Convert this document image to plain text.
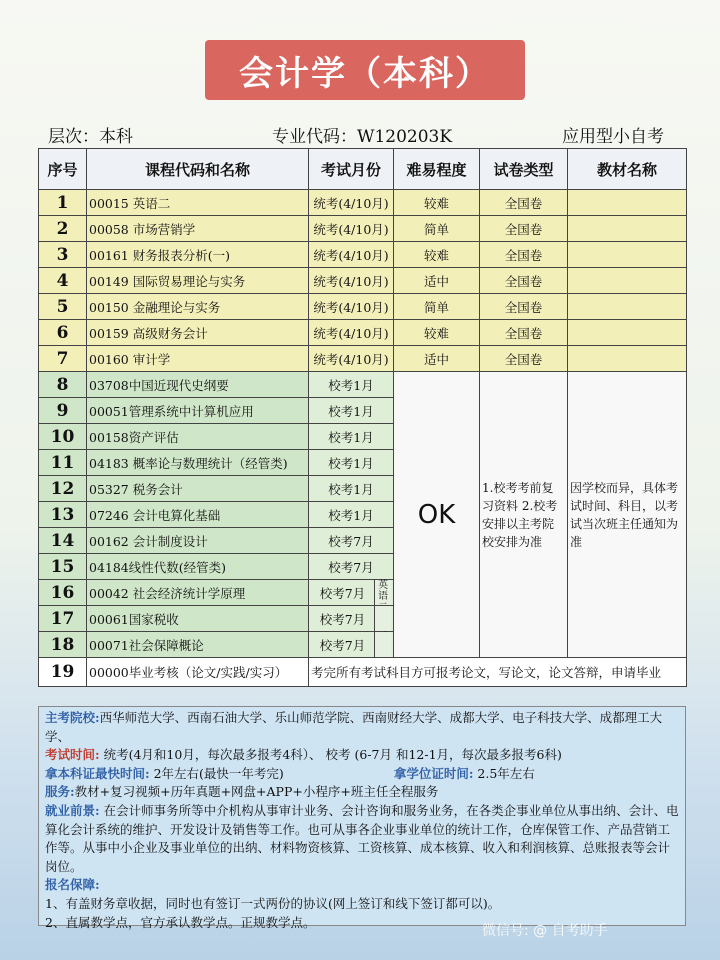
会计学（本科）
层次：本科	专业代码：W120203K	应用型小自考
序号	课程代码和名称	考试月份	难易程度	试卷类型	教材名称
1	00015 英语二	统考(4/10月)	较难	全国卷	
2	00058 市场营销学	统考(4/10月)	简单	全国卷	
3	00161 财务报表分析(一)	统考(4/10月)	较难	全国卷	
4	00149 国际贸易理论与实务	统考(4/10月)	适中	全国卷	
5	00150 金融理论与实务	统考(4/10月)	简单	全国卷	
6	00159 高级财务会计	统考(4/10月)	较难	全国卷	
7	00160 审计学	统考(4/10月)	适中	全国卷	
8	03708中国近现代史纲要	校考1月	OK	1.校考考前复习资料 2.校考安排以主考院校安排为准	因学校而异，具体考试时间、科目，以考试当次班主任通知为准
9	00051管理系统中计算机应用	校考1月			
10	00158资产评估	校考1月			
11	04183 概率论与数理统计（经管类)	校考1月			
12	05327 税务会计	校考1月			
13	07246 会计电算化基础	校考1月			
14	00162 会计制度设计	校考7月			
15	04184线性代数(经管类)	校考7月			
16	00042 社会经济统计学原理	校考7月 英语			

17	00061国家税收	校考7月			

18	00071社会保障概论	校考7月			

19	00000毕业考核（论文/实践/实习）	考完所有考试科目方可报考论文，写论文，论文答辩，申请毕业			

主考院校:西华师范大学、西南石油大学、乐山师范学院、西南财经大学、成都大学、电子科技大学、成都理工大学、

考试时间: 统考(4月和10月，每次最多报考4科）、 校考 (6-7月 和12-1月，每次最多报考6科)

拿本科证最快时间: 2年左右(最快一年考完)	拿学位证时间: 2.5年左右

服务:教材+复习视频+历年真题+网盘+APP+小程序+班主任全程服务

就业前景: 在会计师事务所等中介机构从事审计业务、会计咨询和服务业务，在各类企事业单位从事出纳、会计、电算化会计系统的维护、开发设计及销售等工作。也可从事各企业事业单位的统计工作，仓库保管工作、产品营销工作等。从事中小企业及事业单位的出纳、材料物资核算、工资核算、成本核算、收入和利润核算、总账报表等会计岗位。

报名保障:

1、有盖财务章收据，同时也有签订一式两份的协议(网上签订和线下签订都可以)。

2、直属教学点，官方承认教学点。正规教学点。

微信号: @ 自考助手
